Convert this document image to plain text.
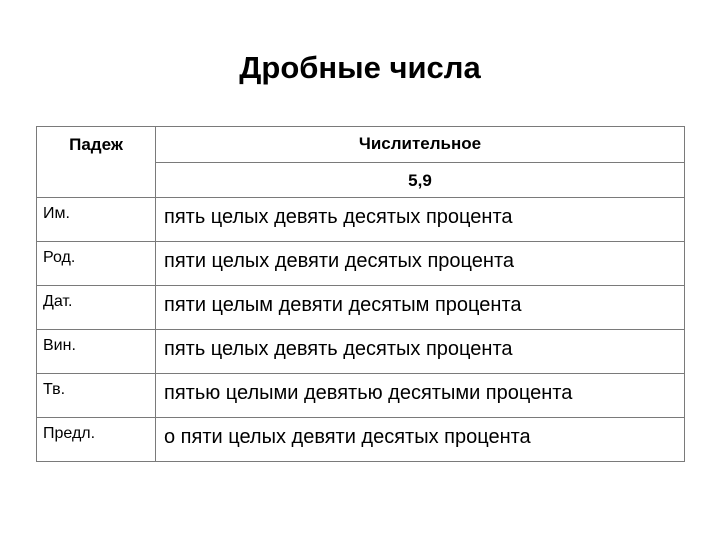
Дробные числа
Падеж	Числительное
	5,9
Им.	пять целых девять десятых процента
Род.	пяти целых девяти десятых процента
Дат.	пяти целым девяти десятым процента
Вин.	пять целых девять десятых процента
Тв.	пятью целыми девятью десятыми процента
Предл.	о пяти целых девяти десятых процента
